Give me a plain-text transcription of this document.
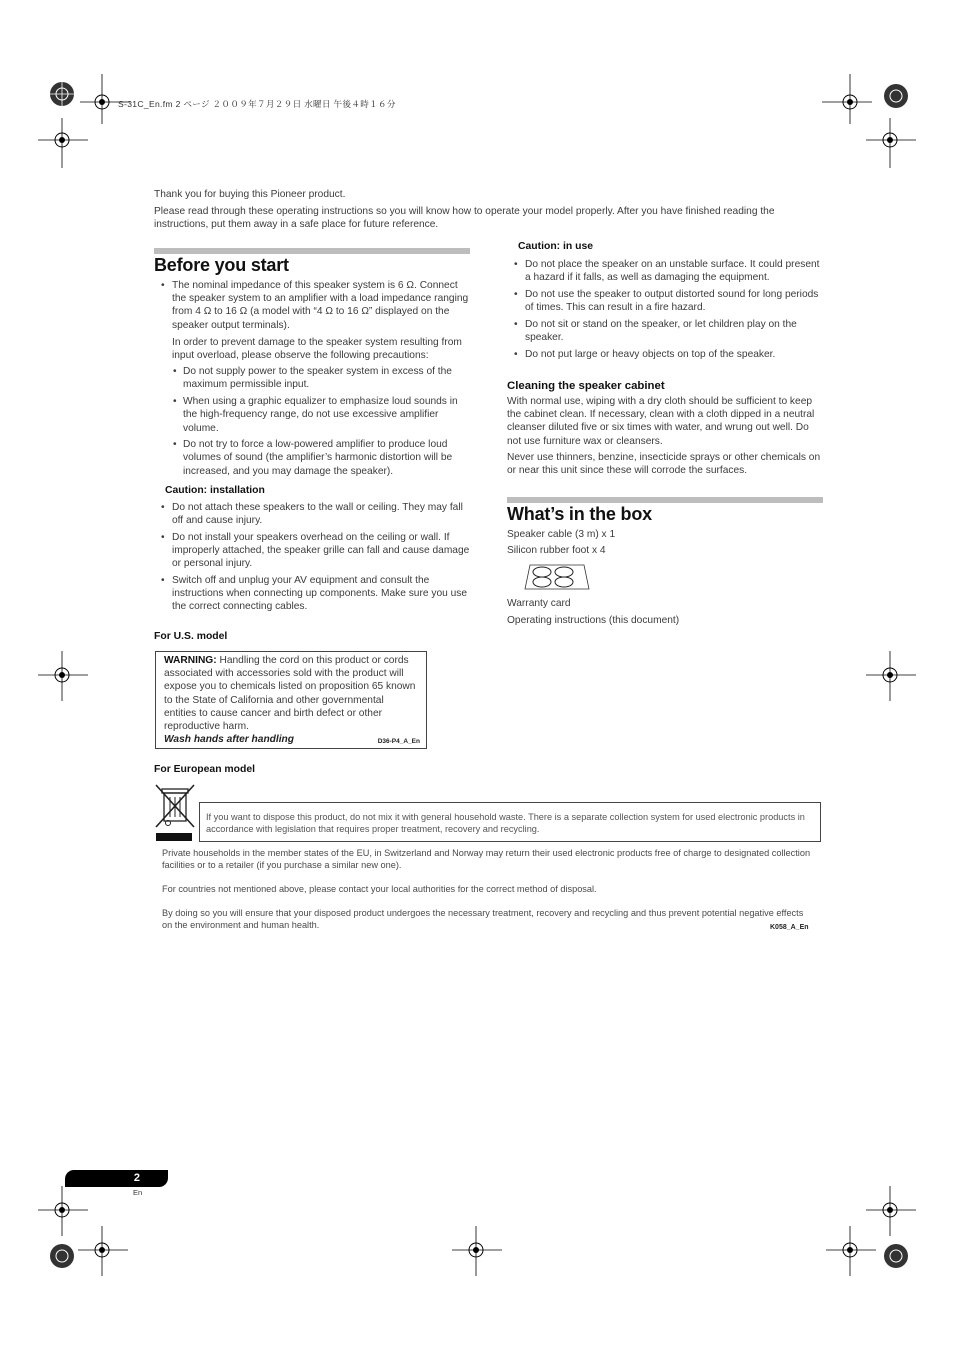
S-31C_En.fm 2 ページ ２００９年７月２９日 水曜日 午後４時１６分

Thank you for buying this Pioneer product.

Please read through these operating instructions so you will know how to operate your model properly. After you have finished reading the instructions, put them away in a safe place for future reference.

Before you start
• The nominal impedance of this speaker system is 6 Ω. Connect the speaker system to an amplifier with a load impedance ranging from 4 Ω to 16 Ω (a model with “4 Ω to 16 Ω” displayed on the speaker output terminals).

In order to prevent damage to the speaker system resulting from input overload, please observe the following precautions:

• Do not supply power to the speaker system in excess of the maximum permissible input.
• When using a graphic equalizer to emphasize loud sounds in the high-frequency range, do not use excessive amplifier volume.
• Do not try to force a low-powered amplifier to produce loud volumes of sound (the amplifier’s harmonic distortion will be increased, and you may damage the speaker).
Caution: installation
• Do not attach these speakers to the wall or ceiling. They may fall off and cause injury.
• Do not install your speakers overhead on the ceiling or wall. If improperly attached, the speaker grille can fall and cause damage or personal injury.
• Switch off and unplug your AV equipment and consult the instructions when connecting up components. Make sure you use the correct connecting cables.
For U.S. model

WARNING: Handling the cord on this product or cords associated with accessories sold with the product will expose you to chemicals listed on proposition 65 known to the State of California and other governmental entities to cause cancer and birth defect or other reproductive harm.

Wash hands after handling	D36-P4_A_En
For European model

If you want to dispose this product, do not mix it with general household waste. There is a separate collection system for used electronic products in accordance with legislation that requires proper treatment, recovery and recycling.

Private households in the member states of the EU, in Switzerland and Norway may return their used electronic products free of charge to designated collection facilities or to a retailer (if you purchase a similar new one).

For countries not mentioned above, please contact your local authorities for the correct method of disposal.

By doing so you will ensure that your disposed product undergoes the necessary treatment, recovery and recycling and thus prevent potential negative effects on the environment and human health.	K058_A_En
Caution: in use
• Do not place the speaker on an unstable surface. It could present a hazard if it falls, as well as damaging the equipment.
• Do not use the speaker to output distorted sound for long periods of times. This can result in a fire hazard.
• Do not sit or stand on the speaker, or let children play on the speaker.
• Do not put large or heavy objects on top of the speaker.
Cleaning the speaker cabinet

With normal use, wiping with a dry cloth should be sufficient to keep the cabinet clean. If necessary, clean with a cloth dipped in a neutral cleanser diluted five or six times with water, and wrung out well. Do not use furniture wax or cleansers.

Never use thinners, benzine, insecticide sprays or other chemicals on or near this unit since these will corrode the surfaces.

What’s in the box

Speaker cable (3 m) x 1

Silicon rubber foot x 4

Warranty card

Operating instructions (this document)

2
En
